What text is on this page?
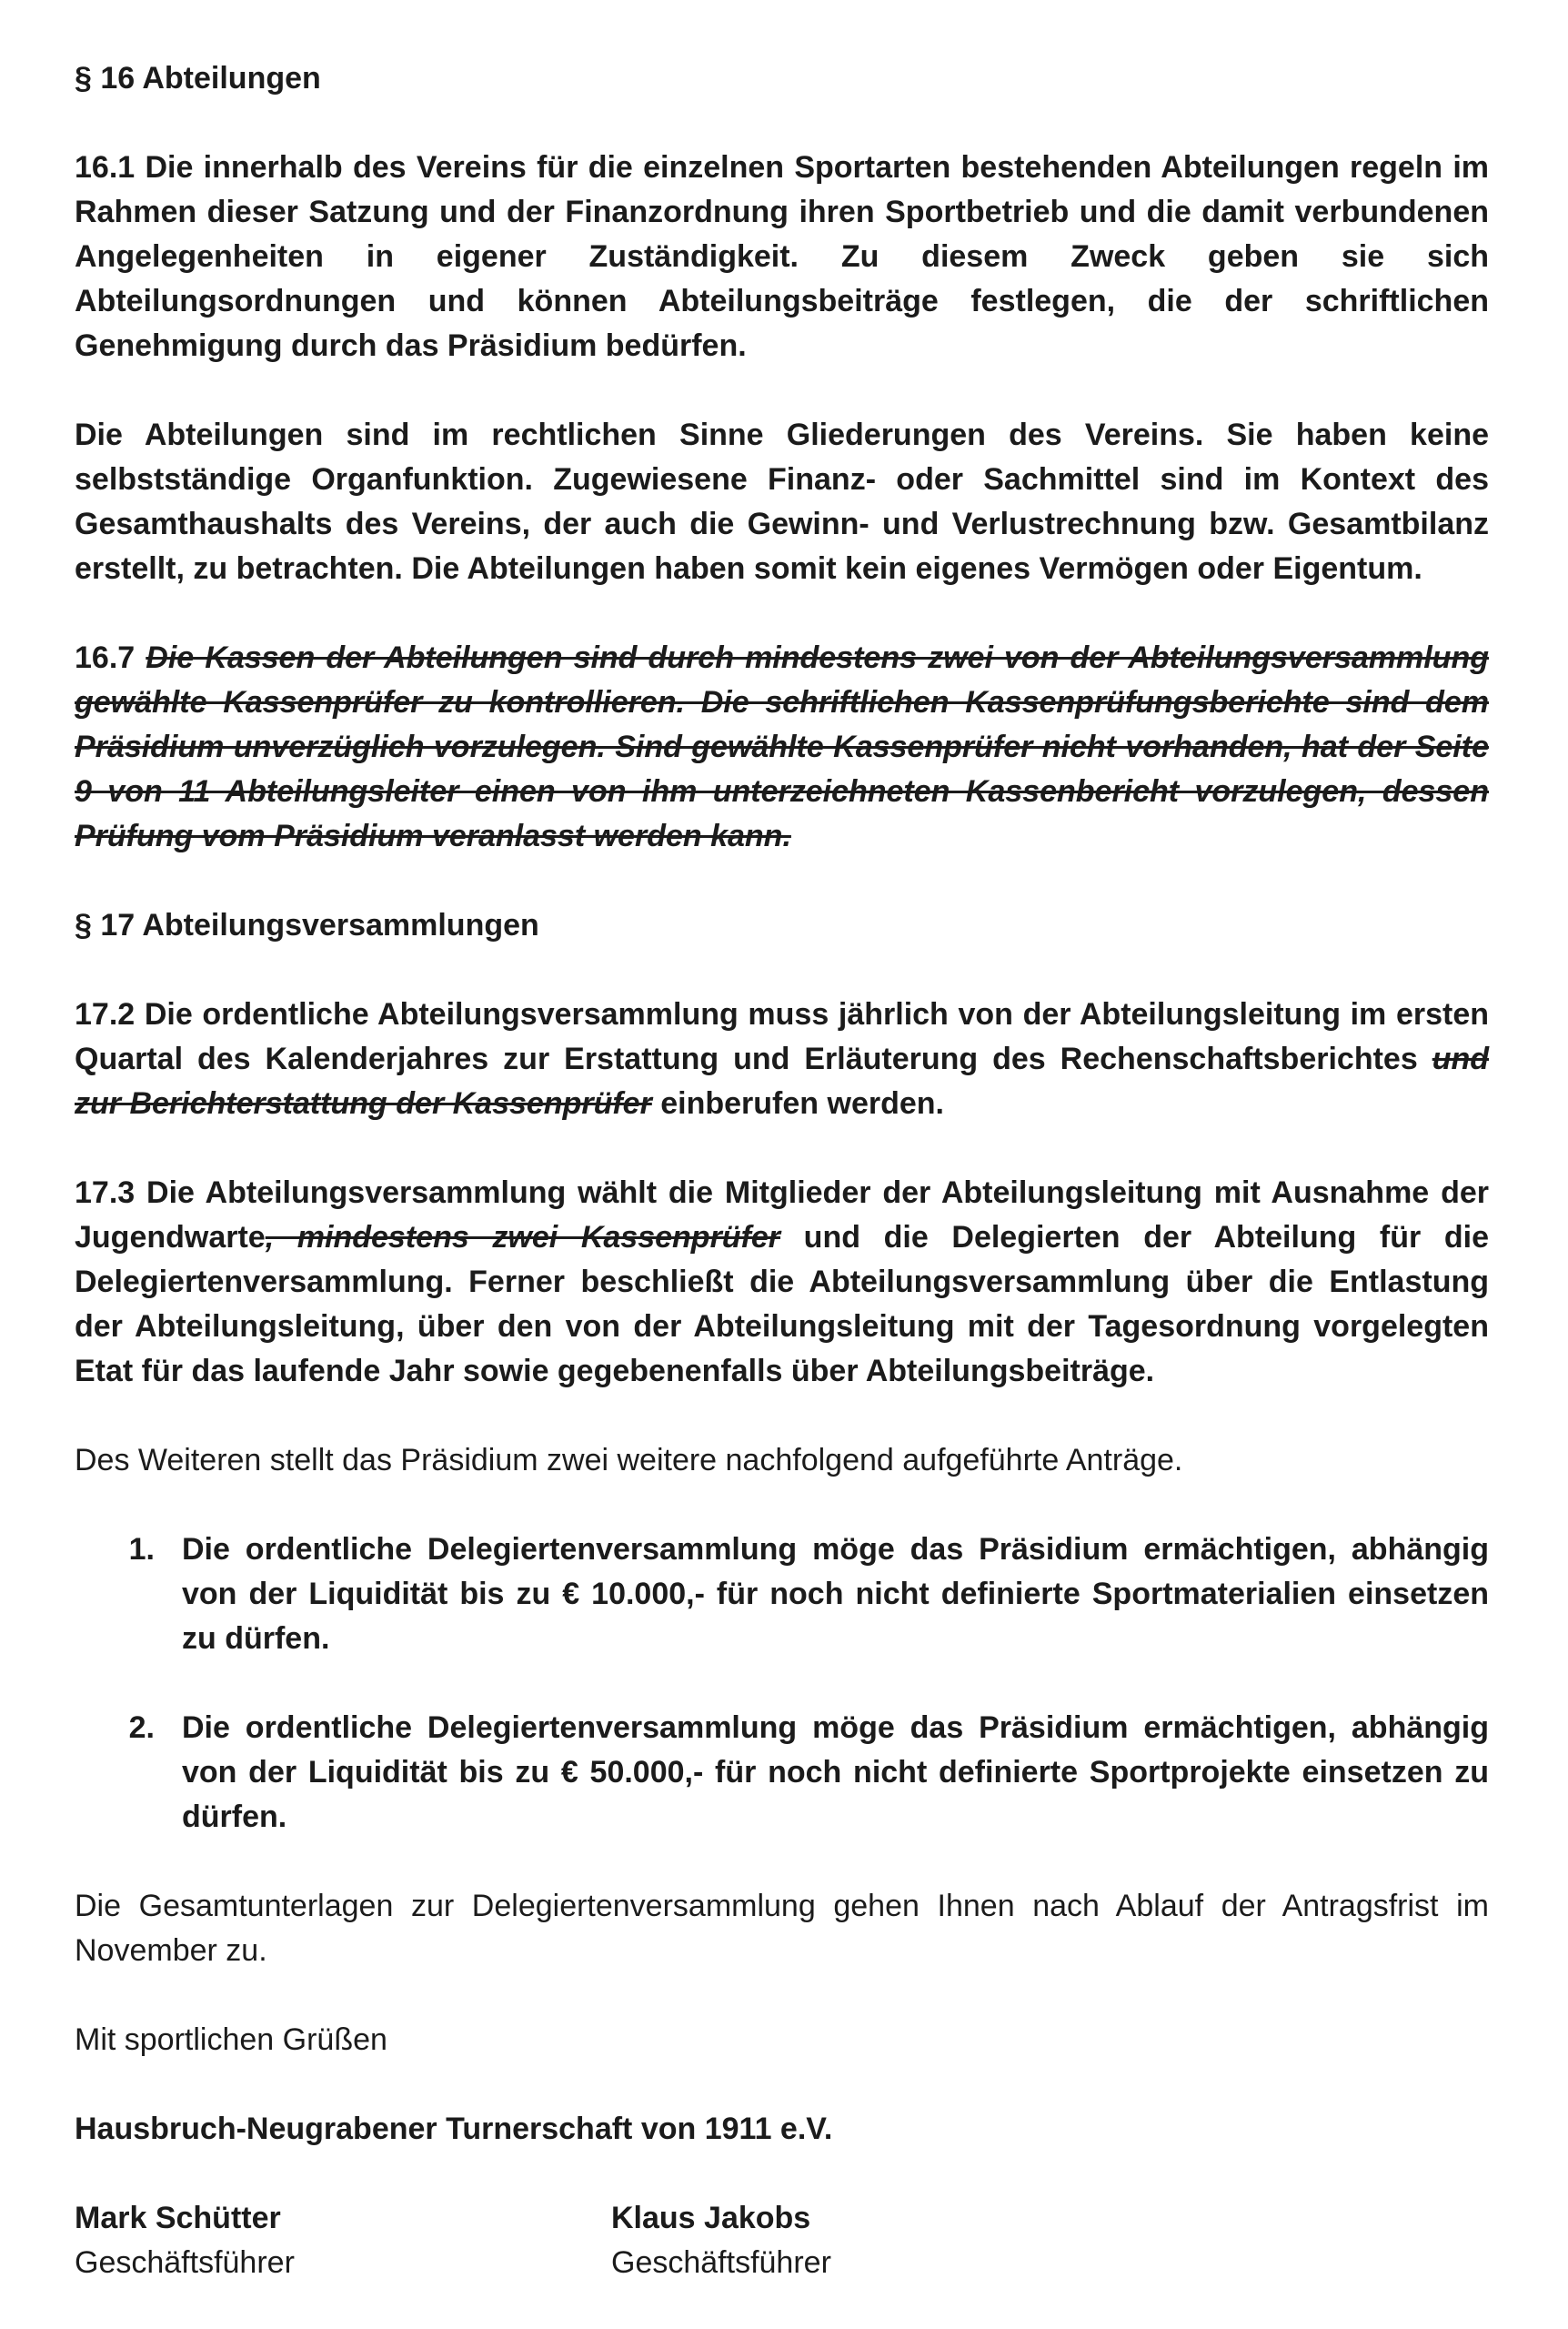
§ 16 Abteilungen

16.1 Die innerhalb des Vereins für die einzelnen Sportarten bestehenden Abteilungen regeln im Rahmen dieser Satzung und der Finanzordnung ihren Sportbetrieb und die damit verbundenen Angelegenheiten in eigener Zuständigkeit. Zu diesem Zweck geben sie sich Abteilungsordnungen und können Abteilungsbeiträge festlegen, die der schriftlichen Genehmigung durch das Präsidium bedürfen.

Die Abteilungen sind im rechtlichen Sinne Gliederungen des Vereins. Sie haben keine selbstständige Organfunktion. Zugewiesene Finanz- oder Sachmittel sind im Kontext des Gesamthaushalts des Vereins, der auch die Gewinn- und Verlustrechnung bzw. Gesamtbilanz erstellt, zu betrachten. Die Abteilungen haben somit kein eigenes Vermögen oder Eigentum.

16.7 Die Kassen der Abteilungen sind durch mindestens zwei von der Abteilungsversammlung gewählte Kassenprüfer zu kontrollieren. Die schriftlichen Kassenprüfungsberichte sind dem Präsidium unverzüglich vorzulegen. Sind gewählte Kassenprüfer nicht vorhanden, hat der Seite 9 von 11 Abteilungsleiter einen von ihm unterzeichneten Kassenbericht vorzulegen, dessen Prüfung vom Präsidium veranlasst werden kann.

§ 17 Abteilungsversammlungen

17.2 Die ordentliche Abteilungsversammlung muss jährlich von der Abteilungsleitung im ersten Quartal des Kalenderjahres zur Erstattung und Erläuterung des Rechenschaftsberichtes und zur Berichterstattung der Kassenprüfer einberufen werden.

17.3 Die Abteilungsversammlung wählt die Mitglieder der Abteilungsleitung mit Ausnahme der Jugendwarte, mindestens zwei Kassenprüfer und die Delegierten der Abteilung für die Delegiertenversammlung. Ferner beschließt die Abteilungsversammlung über die Entlastung der Abteilungsleitung, über den von der Abteilungsleitung mit der Tagesordnung vorgelegten Etat für das laufende Jahr sowie gegebenenfalls über Abteilungsbeiträge.

Des Weiteren stellt das Präsidium zwei weitere nachfolgend aufgeführte Anträge.

1. Die ordentliche Delegiertenversammlung möge das Präsidium ermächtigen, abhängig von der Liquidität bis zu € 10.000,- für noch nicht definierte Sportmaterialien einsetzen zu dürfen.
2. Die ordentliche Delegiertenversammlung möge das Präsidium ermächtigen, abhängig von der Liquidität bis zu € 50.000,- für noch nicht definierte Sportprojekte einsetzen zu dürfen.

Die Gesamtunterlagen zur Delegiertenversammlung gehen Ihnen nach Ablauf der Antragsfrist im November zu.

Mit sportlichen Grüßen

Hausbruch-Neugrabener Turnerschaft von 1911 e.V.

Mark Schütter
Geschäftsführer
Klaus Jakobs
Geschäftsführer
